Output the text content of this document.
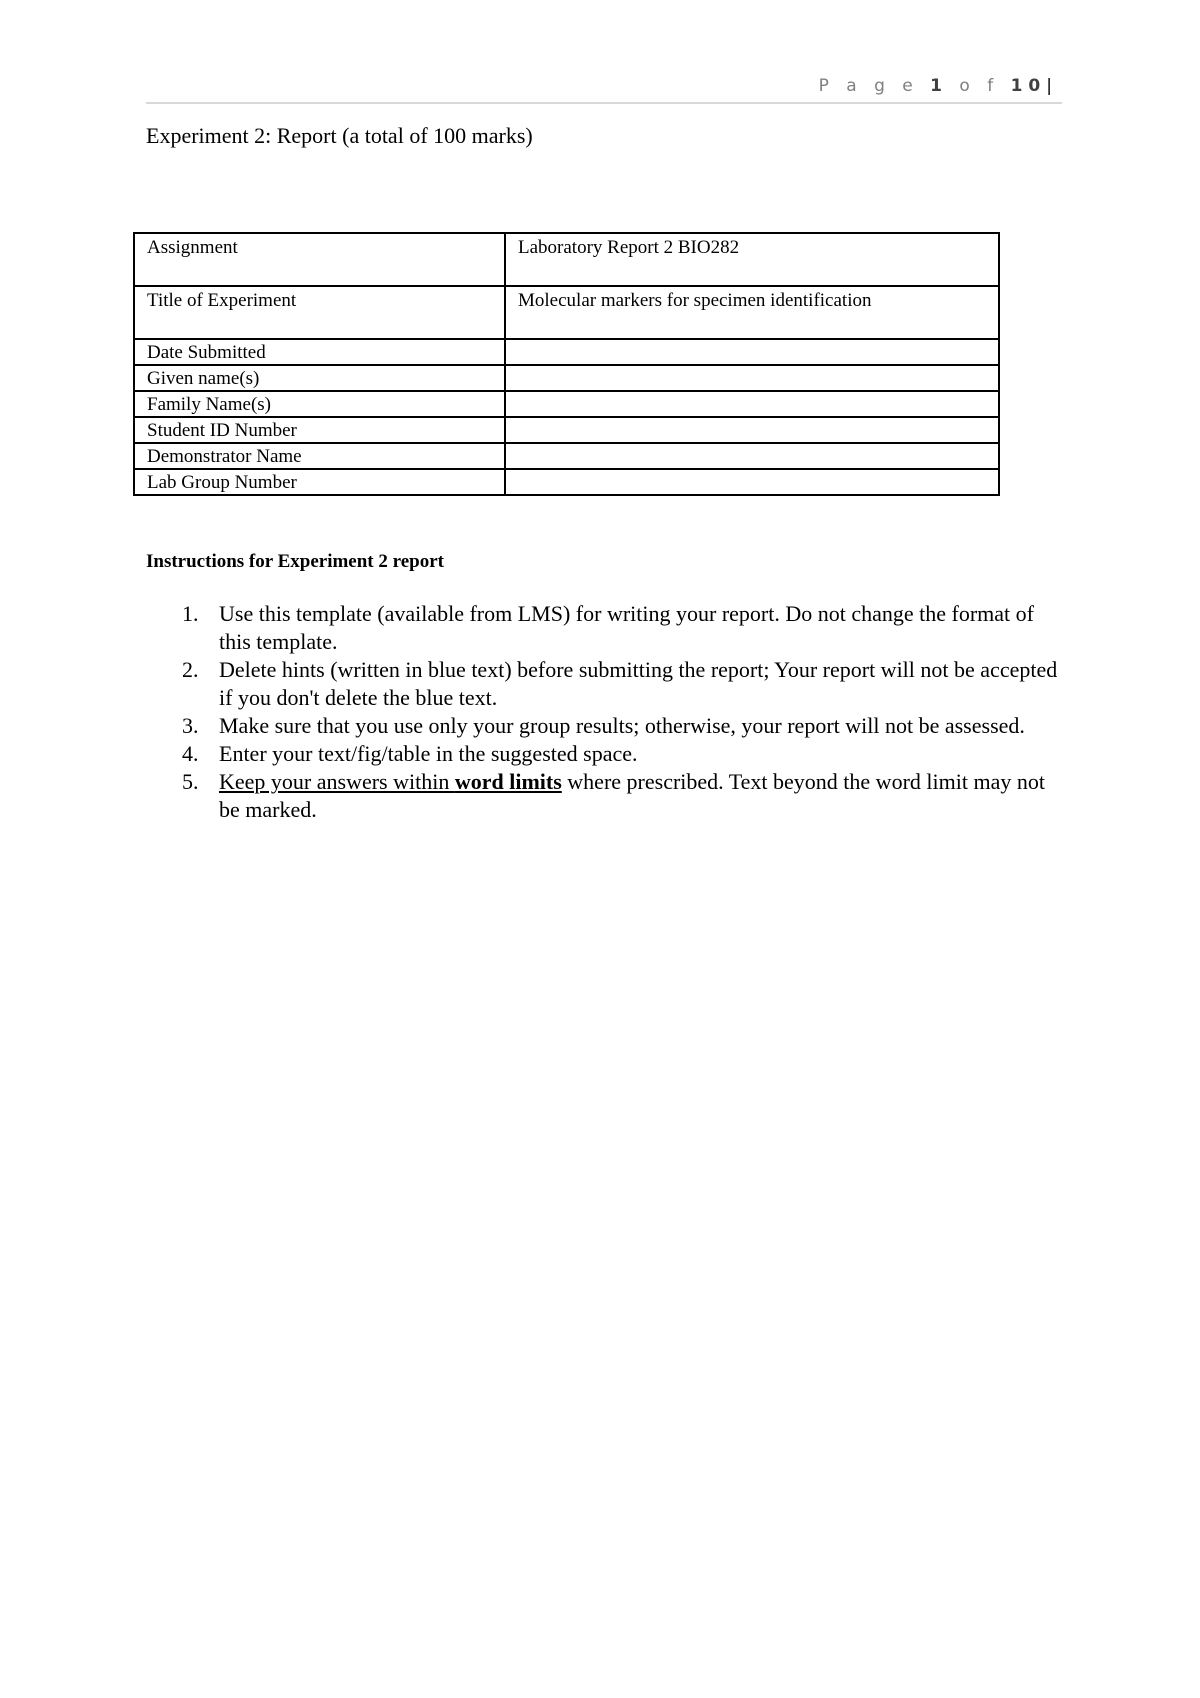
P a g e 1 o f 10|
Experiment 2: Report (a total of 100 marks)
Assignment	Laboratory Report 2 BIO282
Title of Experiment	Molecular markers for specimen identification
Date Submitted	
Given name(s)	
Family Name(s)	
Student ID Number	
Demonstrator Name	
Lab Group Number	
Instructions for Experiment 2 report
1. Use this template (available from LMS) for writing your report. Do not change the format of this template.
2. Delete hints (written in blue text) before submitting the report; Your report will not be accepted if you don't delete the blue text.
3. Make sure that you use only your group results; otherwise, your report will not be assessed.
4. Enter your text/fig/table in the suggested space.
5. Keep your answers within word limits where prescribed. Text beyond the word limit may not be marked.
